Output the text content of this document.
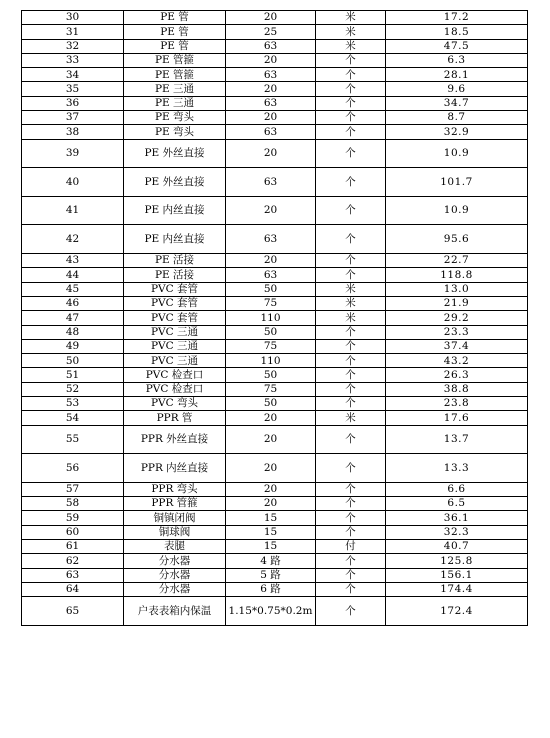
30	PE 管	20	米	17.2
31	PE 管	25	米	18.5
32	PE 管	63	米	47.5
33	PE 管箍	20	个	6.3
34	PE 管箍	63	个	28.1
35	PE 三通	20	个	9.6
36	PE 三通	63	个	34.7
37	PE 弯头	20	个	8.7
38	PE 弯头	63	个	32.9
39	PE 外丝直接	20	个	10.9
40	PE 外丝直接	63	个	101.7
41	PE 内丝直接	20	个	10.9
42	PE 内丝直接	63	个	95.6
43	PE 活接	20	个	22.7
44	PE 活接	63	个	118.8
45	PVC 套管	50	米	13.0
46	PVC 套管	75	米	21.9
47	PVC 套管	110	米	29.2
48	PVC 三通	50	个	23.3
49	PVC 三通	75	个	37.4
50	PVC 三通	110	个	43.2
51	PVC 检查口	50	个	26.3
52	PVC 检查口	75	个	38.8
53	PVC 弯头	50	个	23.8
54	PPR 管	20	米	17.6
55	PPR 外丝直接	20	个	13.7
56	PPR 内丝直接	20	个	13.3
57	PPR 弯头	20	个	6.6
58	PPR 管箍	20	个	6.5
59	铜镇闭阀	15	个	36.1
60	铜球阀	15	个	32.3
61	表腿	15	付	40.7
62	分水器	4 路	个	125.8
63	分水器	5 路	个	156.1
64	分水器	6 路	个	174.4
65	户表表箱内保温	1.15*0.75*0.2m	个	172.4
